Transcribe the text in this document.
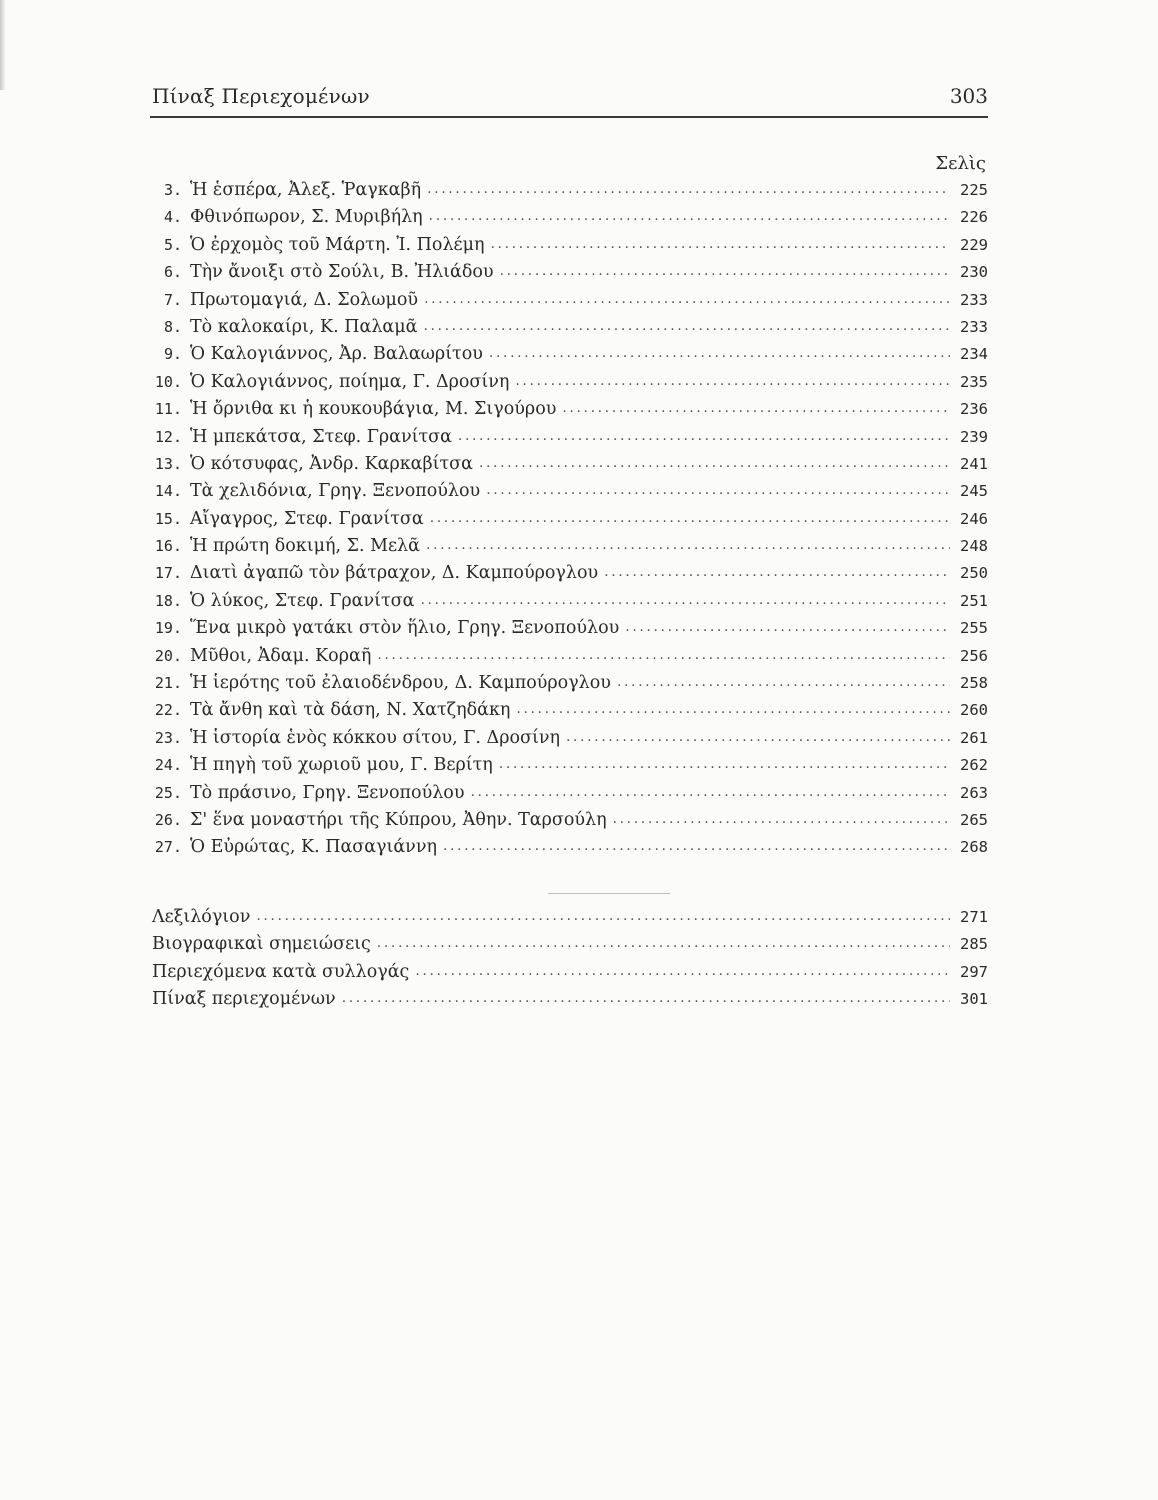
Πίναξ Περιεχομένων	303
Σελὶς
3. Ἡ ἑσπέρα, Ἀλεξ. Ῥαγκαβῆ .....	225
4. Φθινόπωρον, Σ. Μυριβήλη .....	226
5. Ὁ ἐρχομὸς τοῦ Μάρτη. Ἰ. Πολέμη .....	229
6. Τὴν ἄνοιξι στὸ Σούλι, Β. Ἠλιάδου .....	230
7. Πρωτομαγιά, Δ. Σολωμοῦ .....	233
8. Τὸ καλοκαίρι, Κ. Παλαμᾶ .....	233
9. Ὁ Καλογιάννος, Ἀρ. Βαλαωρίτου .....	234
10. Ὁ Καλογιάννος, ποίημα, Γ. Δροσίνη .....	235
11. Ἡ ὄρνιθα κι ἡ κουκουβάγια, Μ. Σιγούρου .....	236
12. Ἡ μπεκάτσα, Στεφ. Γρανίτσα .....	239
13. Ὁ κότσυφας, Ἀνδρ. Καρκαβίτσα .....	241
14. Τὰ χελιδόνια, Γρηγ. Ξενοπούλου .....	245
15. Αἴγαγρος, Στεφ. Γρανίτσα .....	246
16. Ἡ πρώτη δοκιμή, Σ. Μελᾶ .....	248
17. Διατὶ ἀγαπῶ τὸν βάτραχον, Δ. Καμπούρογλου .....	250
18. Ὁ λύκος, Στεφ. Γρανίτσα .....	251
19. Ἕνα μικρὸ γατάκι στὸν ἥλιο, Γρηγ. Ξενοπούλου .....	255
20. Μῦθοι, Ἀδαμ. Κοραῆ .....	256
21. Ἡ ἱερότης τοῦ ἐλαιοδένδρου, Δ. Καμπούρογλου .....	258
22. Τὰ ἄνθη καὶ τὰ δάση, Ν. Χατζηδάκη .....	260
23. Ἡ ἱστορία ἑνὸς κόκκου σίτου, Γ. Δροσίνη .....	261
24. Ἡ πηγὴ τοῦ χωριοῦ μου, Γ. Βερίτη .....	262
25. Τὸ πράσινο, Γρηγ. Ξενοπούλου .....	263
26. Σ' ἕνα μοναστήρι τῆς Κύπρου, Ἀθην. Ταρσούλη .....	265
27. Ὁ Εὐρώτας, Κ. Πασαγιάννη .....	268
Λεξιλόγιον .....	271
Βιογραφικαὶ σημειώσεις .....	285
Περιεχόμενα κατὰ συλλογάς .....	297
Πίναξ περιεχομένων .....	301
